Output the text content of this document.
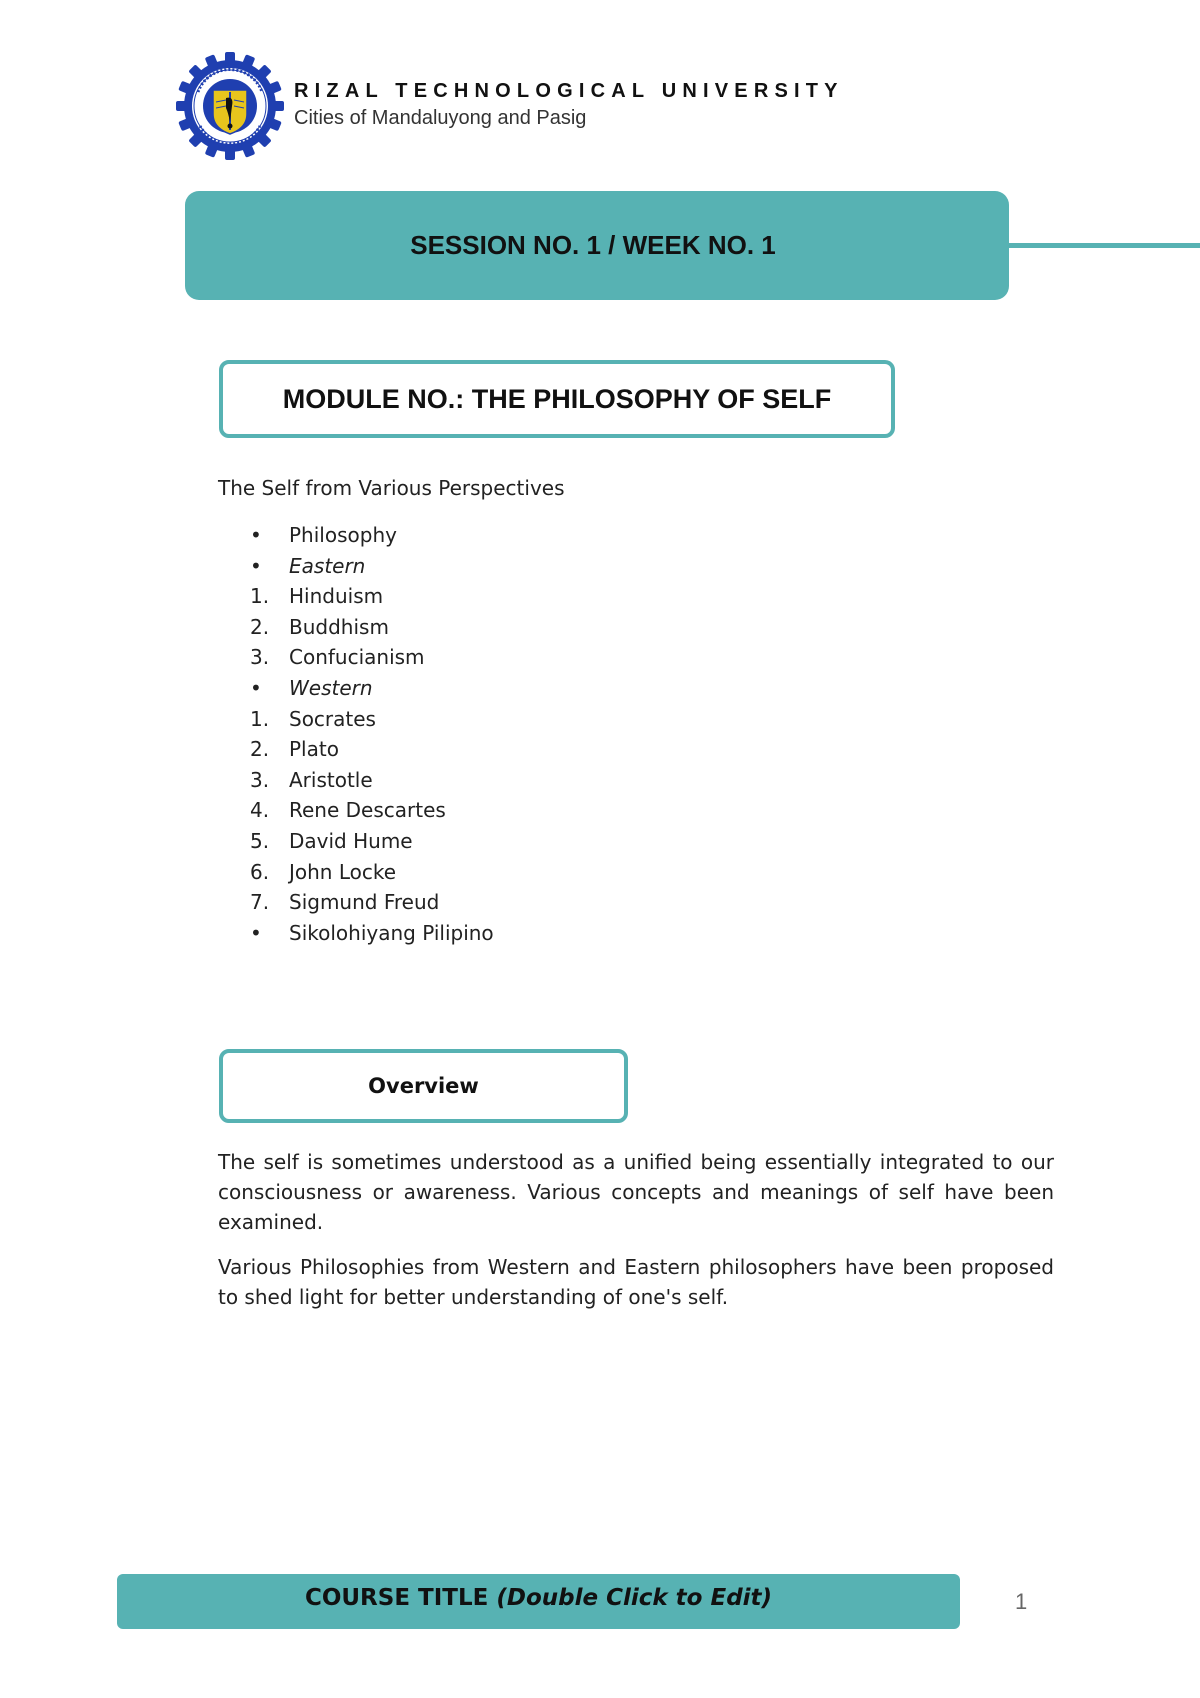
RIZAL TECHNOLOGICAL UNIVERSITY
Cities of Mandaluyong and Pasig
SESSION NO. 1 / WEEK NO. 1
MODULE NO.: THE PHILOSOPHY OF SELF
The Self from Various Perspectives
•	Philosophy
•	Eastern
1. Hinduism
2. Buddhism
3. Confucianism
•	Western
1. Socrates
2. Plato
3. Aristotle
4. Rene Descartes
5. David Hume
6. John Locke
7. Sigmund Freud
•	Sikolohiyang Pilipino
Overview

The self is sometimes understood as a unified being essentially integrated to our consciousness or awareness. Various concepts and meanings of self have been examined.

Various Philosophies from Western and Eastern philosophers have been proposed to shed light for better understanding of one's self.

COURSE TITLE (Double Click to Edit)	1
